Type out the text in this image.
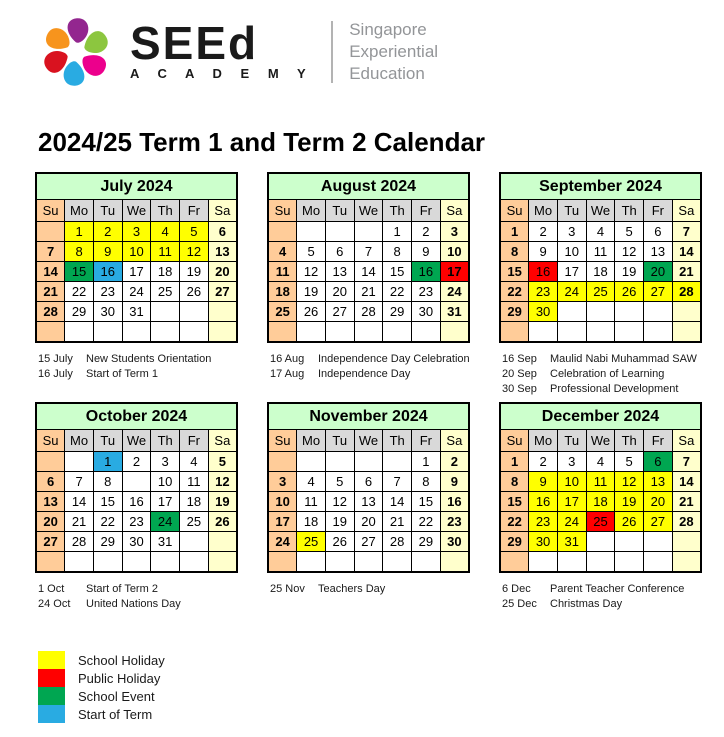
SEEd
A C A D E M Y
Singapore
Experiential
Education
2024/25 Term 1 and Term 2 Calendar
July 2024						
Su	Mo	Tu	We	Th	Fr	Sa
	1	2	3	4	5	6
7	8	9	10	11	12	13
14	15	16	17	18	19	20
21	22	23	24	25	26	27
28	29	30	31			

15 July	New Students Orientation
16 July	Start of Term 1
August 2024						
Su	Mo	Tu	We	Th	Fr	Sa
				1	2	3
4	5	6	7	8	9	10
11	12	13	14	15	16	17
18	19	20	21	22	23	24
25	26	27	28	29	30	31

16 Aug	Independence Day Celebration
17 Aug	Independence Day
September 2024						
Su	Mo	Tu	We	Th	Fr	Sa
1	2	3	4	5	6	7
8	9	10	11	12	13	14
15	16	17	18	19	20	21
22	23	24	25	26	27	28
29	30					

16 Sep	Maulid Nabi Muhammad SAW
20 Sep	Celebration of Learning
30 Sep	Professional Development
October 2024						
Su	Mo	Tu	We	Th	Fr	Sa
		1	2	3	4	5
6	7	8		10	11	12
13	14	15	16	17	18	19
20	21	22	23	24	25	26
27	28	29	30	31		

1 Oct	Start of Term 2
24 Oct	United Nations Day
November 2024						
Su	Mo	Tu	We	Th	Fr	Sa
					1	2
3	4	5	6	7	8	9
10	11	12	13	14	15	16
17	18	19	20	21	22	23
24	25	26	27	28	29	30

25 Nov	Teachers Day
December 2024						
Su	Mo	Tu	We	Th	Fr	Sa
1	2	3	4	5	6	7
8	9	10	11	12	13	14
15	16	17	18	19	20	21
22	23	24	25	26	27	28
29	30	31				

6 Dec	Parent Teacher Conference
25 Dec	Christmas Day
School Holiday
Public Holiday
School Event
Start of Term
